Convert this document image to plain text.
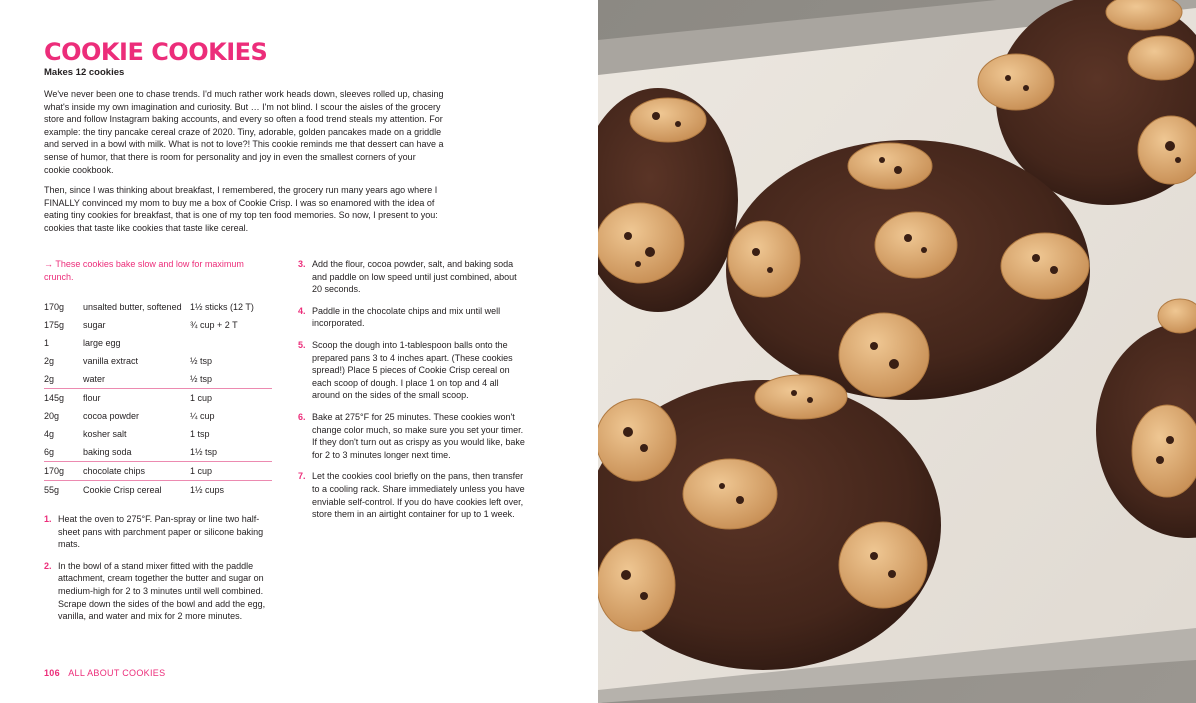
COOKIE COOKIES
Makes 12 cookies

We've never been one to chase trends. I'd much rather work heads down, sleeves rolled up, chasing what's inside my own imagination and curiosity. But … I'm not blind. I scour the aisles of the grocery store and follow Instagram baking accounts, and every so often a food trend steals my attention. For example: the tiny pancake cereal craze of 2020. Tiny, adorable, golden pancakes made on a griddle and served in a bowl with milk. What is not to love?! This cookie reminds me that dessert can have a sense of humor, that there is room for personality and joy in even the smallest corners of your cookie cookbook.

Then, since I was thinking about breakfast, I remembered, the grocery run many years ago where I FINALLY convinced my mom to buy me a box of Cookie Crisp. I was so enamored with the idea of eating tiny cookies for breakfast, that is one of my top ten food memories. So now, I present to you: cookies that taste like cookies that taste like cereal.

→ These cookies bake slow and low for maximum crunch.
170g	unsalted butter, softened 1½ sticks (12 T)
175g	sugar	¾ cup + 2 T
1	large egg
2g	vanilla extract	½ tsp
2g	water	½ tsp
145g	flour	1 cup
20g	cocoa powder	¼ cup
4g	kosher salt	1 tsp
6g	baking soda	1½ tsp
170g	chocolate chips	1 cup
55g	Cookie Crisp cereal	1½ cups
1. Heat the oven to 275°F. Pan-spray or line two half-sheet pans with parchment paper or silicone baking mats.
2. In the bowl of a stand mixer fitted with the paddle attachment, cream together the butter and sugar on medium-high for 2 to 3 minutes until well combined. Scrape down the sides of the bowl and add the egg, vanilla, and water and mix for 2 more minutes.
3. Add the flour, cocoa powder, salt, and baking soda and paddle on low speed until just combined, about 20 seconds.
4. Paddle in the chocolate chips and mix until well incorporated.
5. Scoop the dough into 1-tablespoon balls onto the prepared pans 3 to 4 inches apart. (These cookies spread!) Place 5 pieces of Cookie Crisp cereal on each scoop of dough. I place 1 on top and 4 all around on the sides of the small scoop.
6. Bake at 275°F for 25 minutes. These cookies won't change color much, so make sure you set your timer. If they don't turn out as crispy as you would like, bake for 2 to 3 minutes longer next time.
7. Let the cookies cool briefly on the pans, then transfer to a cooling rack. Share immediately unless you have enviable self-control. If you do have cookies left over, store them in an airtight container for up to 1 week.
106 ALL ABOUT COOKIES
